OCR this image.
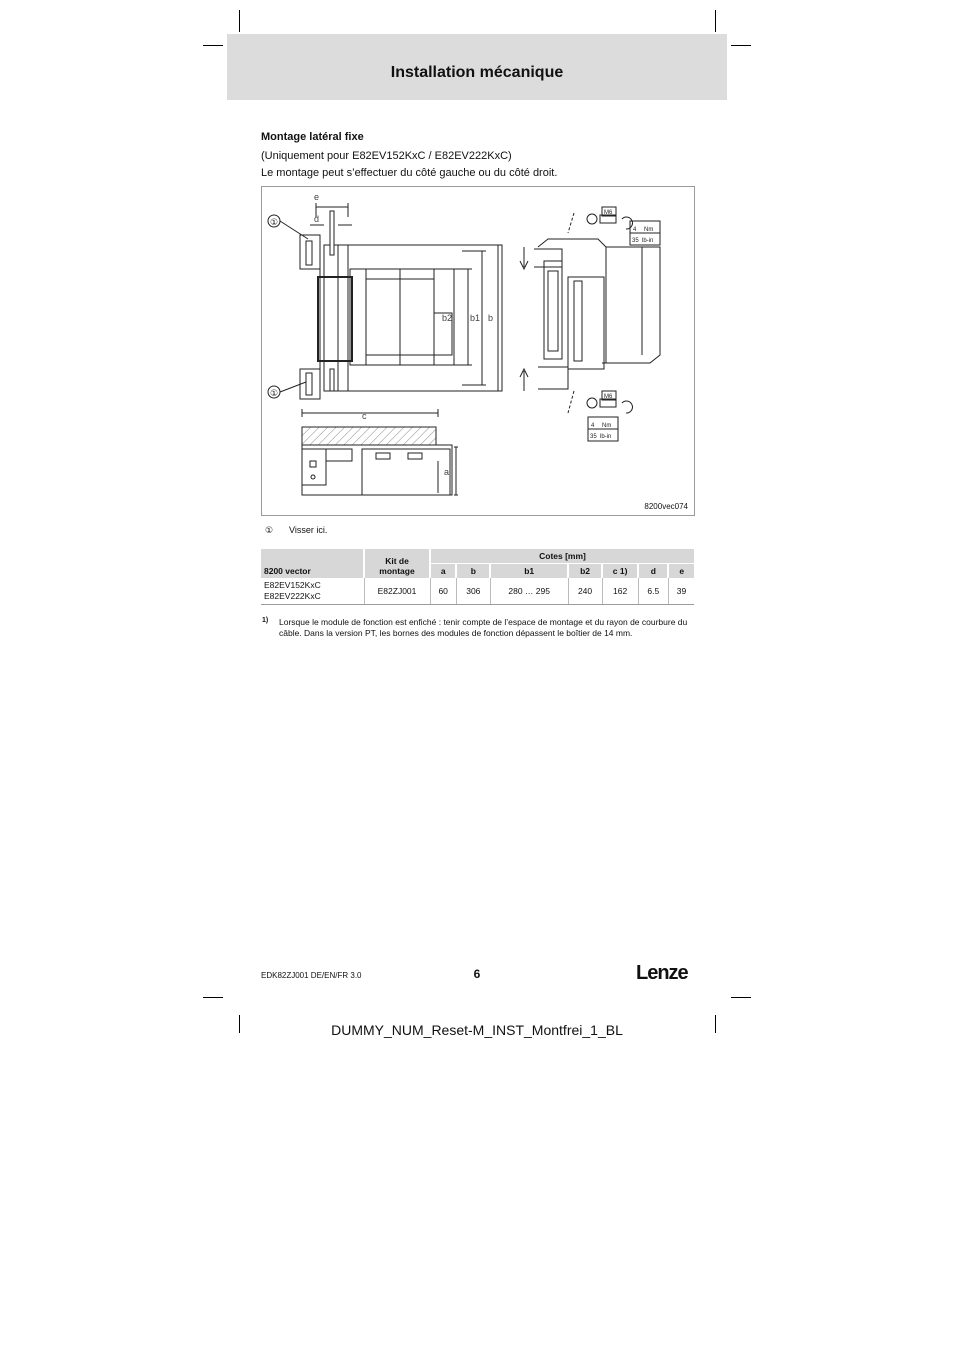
Installation mécanique
Montage latéral fixe
(Uniquement pour E82EV152KxC / E82EV222KxC)
Le montage peut s’effectuer du côté gauche ou du côté droit.
e
d
b2 b1 b
c
a
M6
4 Nm
35 lb-in
M6
4 Nm
35 lb-in
①
①
8200vec074
① Visser ici.
8200 vector	Kit de montage	Cotes [mm]						
		a	b	b1	b2	c 1)	d	e
E82EV152KxC
E82EV222KxC	E82ZJ001	60	306	280 … 295	240	162	6.5	39
1) Lorsque le module de fonction est enfiché : tenir compte de l’espace de montage et du rayon de courbure du câble. Dans la version PT, les bornes des modules de fonction dépassent le boîtier de 14 mm.
EDK82ZJ001 DE/EN/FR 3.0	6	Lenze
DUMMY_NUM_Reset-M_INST_Montfrei_1_BL
